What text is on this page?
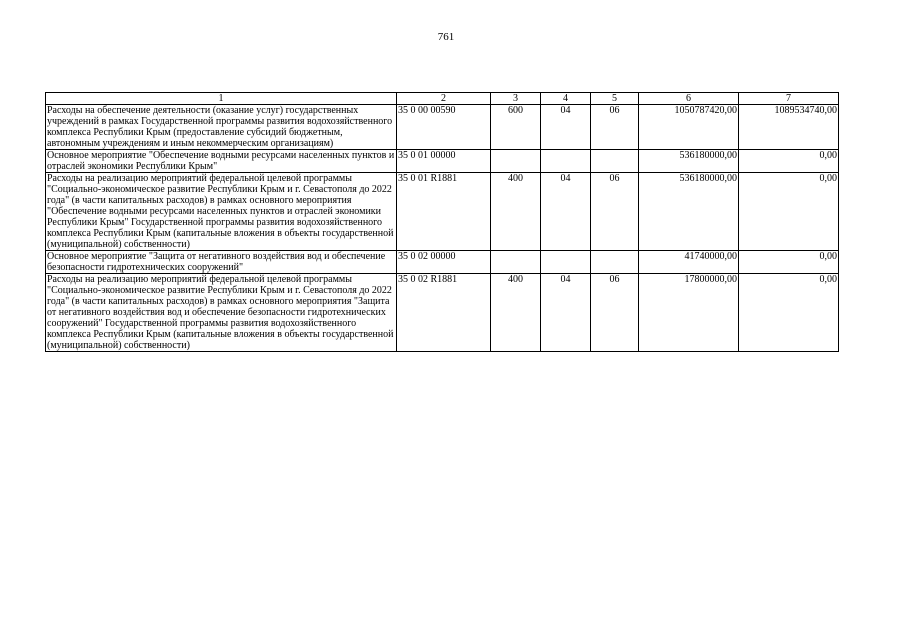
761
1	2	3	4	5	6	7
Расходы на обеспечение деятельности (оказание услуг) государственных учреждений в рамках Государственной программы развития водохозяйственного комплекса Республики Крым (предоставление субсидий бюджетным, автономным учреждениям и иным некоммерческим организациям)	35 0 00 00590	600	04	06	1050787420,00	1089534740,00
Основное мероприятие "Обеспечение водными ресурсами населенных пунктов и отраслей экономики Республики Крым"	35 0 01 00000				536180000,00	0,00
Расходы на реализацию мероприятий федеральной целевой программы "Социально-экономическое развитие Республики Крым и г. Севастополя до 2022 года" (в части капитальных расходов) в рамках основного мероприятия "Обеспечение водными ресурсами населенных пунктов и отраслей экономики Республики Крым" Государственной программы развития водохозяйственного комплекса Республики Крым (капитальные вложения в объекты государственной (муниципальной) собственности)	35 0 01 R1881	400	04	06	536180000,00	0,00
Основное мероприятие "Защита от негативного воздействия вод и обеспечение безопасности гидротехнических сооружений"	35 0 02 00000				41740000,00	0,00
Расходы на реализацию мероприятий федеральной целевой программы "Социально-экономическое развитие Республики Крым и г. Севастополя до 2022 года" (в части капитальных расходов) в рамках основного мероприятия "Защита от негативного воздействия вод и обеспечение безопасности гидротехнических сооружений" Государственной программы развития водохозяйственного комплекса Республики Крым (капитальные вложения в объекты государственной (муниципальной) собственности)	35 0 02 R1881	400	04	06	17800000,00	0,00
